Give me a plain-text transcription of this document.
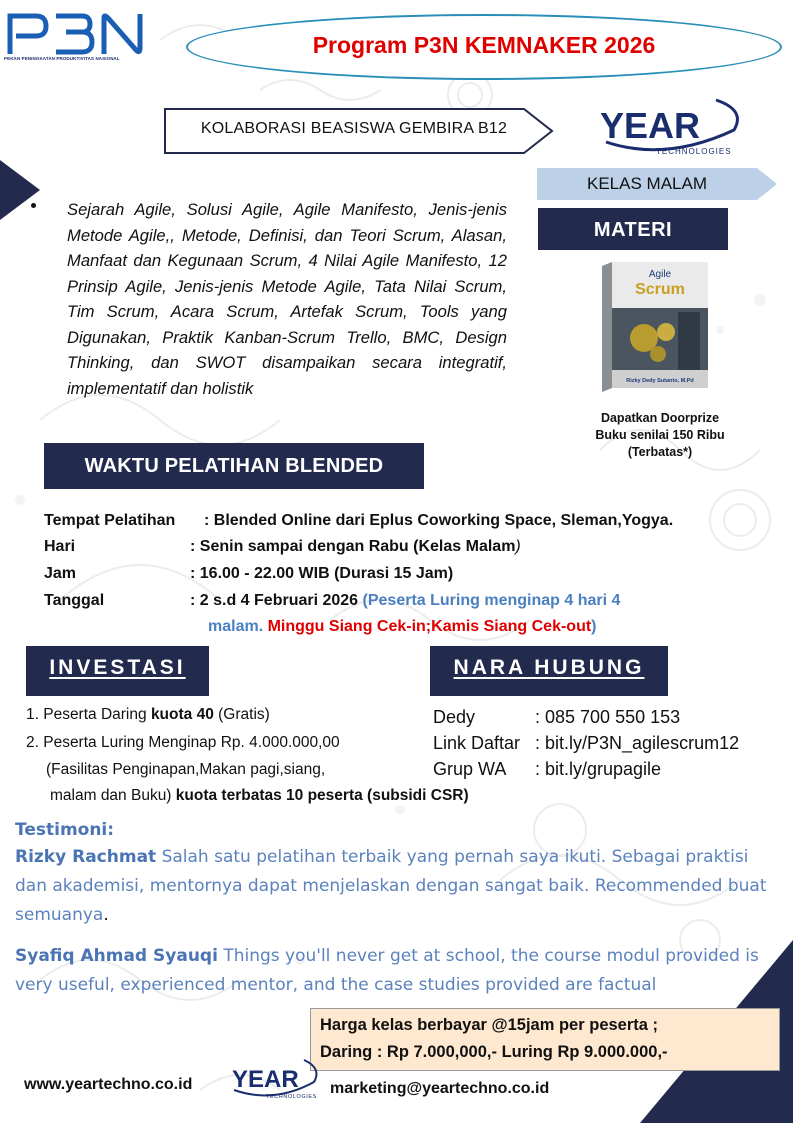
PEKAN PENINGKATAN PRODUKTIVITAS NASIONAL
Program P3N KEMNAKER 2026
KOLABORASI BEASISWA GEMBIRA B12	YEAR
TECHNOLOGIES
KELAS MALAM
MATERI
Sejarah Agile, Solusi Agile, Agile Manifesto, Jenis-jenis Metode Agile,, Metode, Definisi, dan Teori Scrum, Alasan, Manfaat dan Kegunaan Scrum, 4 Nilai Agile Manifesto, 12 Prinsip Agile, Jenis-jenis Metode Agile, Tata Nilai Scrum, Tim Scrum, Acara Scrum, Artefak Scrum, Tools yang Digunakan, Praktik Kanban-Scrum Trello, BMC, Design Thinking, dan SWOT disampaikan secara integratif, implementatif dan holistik
Agile
Scrum
Rizky Dedy Sutanto, M.Pd
Dapatkan Doorprize
Buku senilai 150 Ribu
(Terbatas*)
WAKTU PELATIHAN BLENDED
Tempat Pelatihan : Blended Online dari Eplus Coworking Space, Sleman,Yogya.
Hari	: Senin sampai dengan Rabu (Kelas Malam)
Jam	: 16.00 - 22.00 WIB (Durasi 15 Jam)
Tanggal	: 2 s.d 4 Februari 2026 (Peserta Luring menginap 4 hari 4
malam. Minggu Siang Cek-in;Kamis Siang Cek-out)
INVESTASI
1. Peserta Daring kuota 40 (Gratis)
2. Peserta Luring Menginap Rp. 4.000.000,00
(Fasilitas Penginapan,Makan pagi,siang,
malam dan Buku) kuota terbatas 10 peserta (subsidi CSR)
NARA HUBUNG
Dedy	: 085 700 550 153
Link Daftar : bit.ly/P3N_agilescrum12
Grup WA : bit.ly/grupagile
Testimoni:
Rizky Rachmat Salah satu pelatihan terbaik yang pernah saya ikuti. Sebagai praktisi dan akademisi, mentornya dapat menjelaskan dengan sangat baik. Recommended buat semuanya.
Syafiq Ahmad Syauqi Things you'll never get at school, the course modul provided is very useful, experienced mentor, and the case studies provided are factual
Harga kelas berbayar @15jam per peserta ;
Daring : Rp 7.000,000,- Luring Rp 9.000.000,-
www.yeartechno.co.id YEAR
TECHNOLOGIES marketing@yeartechno.co.id
